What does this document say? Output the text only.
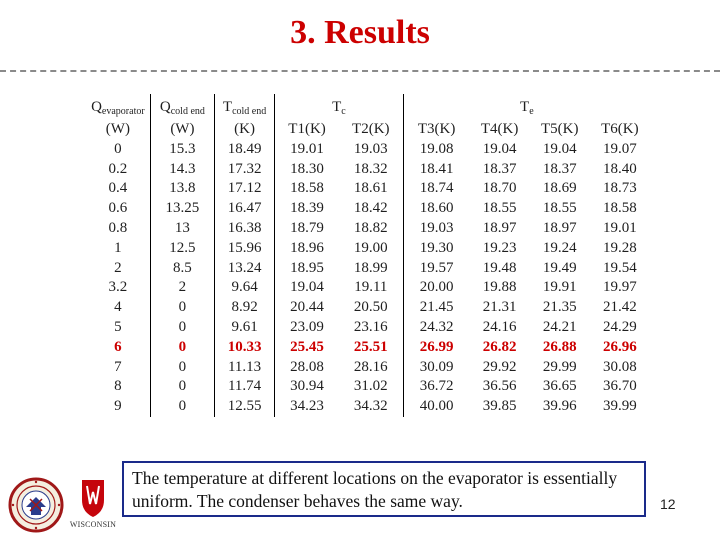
3. Results
$Q_{evaporator}$	$Q_{cold end}$	$T_{cold end}$	$T_c$		$T_e$
(W)	(W)	(K)	T1(K)	T2(K)	T3(K)	T4(K)	T5(K)	T6(K)
0	15.3	18.49	19.01	19.03	19.08	19.04	19.04	19.07
0.2	14.3	17.32	18.30	18.32	18.41	18.37	18.37	18.40
0.4	13.8	17.12	18.58	18.61	18.74	18.70	18.69	18.73
0.6	13.25	16.47	18.39	18.42	18.60	18.55	18.55	18.58
0.8	13	16.38	18.79	18.82	19.03	18.97	18.97	19.01
1	12.5	15.96	18.96	19.00	19.30	19.23	19.24	19.28
2	8.5	13.24	18.95	18.99	19.57	19.48	19.49	19.54
3.2	2	9.64	19.04	19.11	20.00	19.88	19.91	19.97
4	0	8.92	20.44	20.50	21.45	21.31	21.35	21.42
5	0	9.61	23.09	23.16	24.32	24.16	24.21	24.29
6	0	10.33	25.45	25.51	26.99	26.82	26.88	26.96
7	0	11.13	28.08	28.16	30.09	29.92	29.99	30.08
8	0	11.74	30.94	31.02	36.72	36.56	36.65	36.70
9	0	12.55	34.23	34.32	40.00	39.85	39.96	39.99
The temperature at different locations on the evaporator is essentially uniform. The condenser behaves the same way.	12
WISCONSIN
